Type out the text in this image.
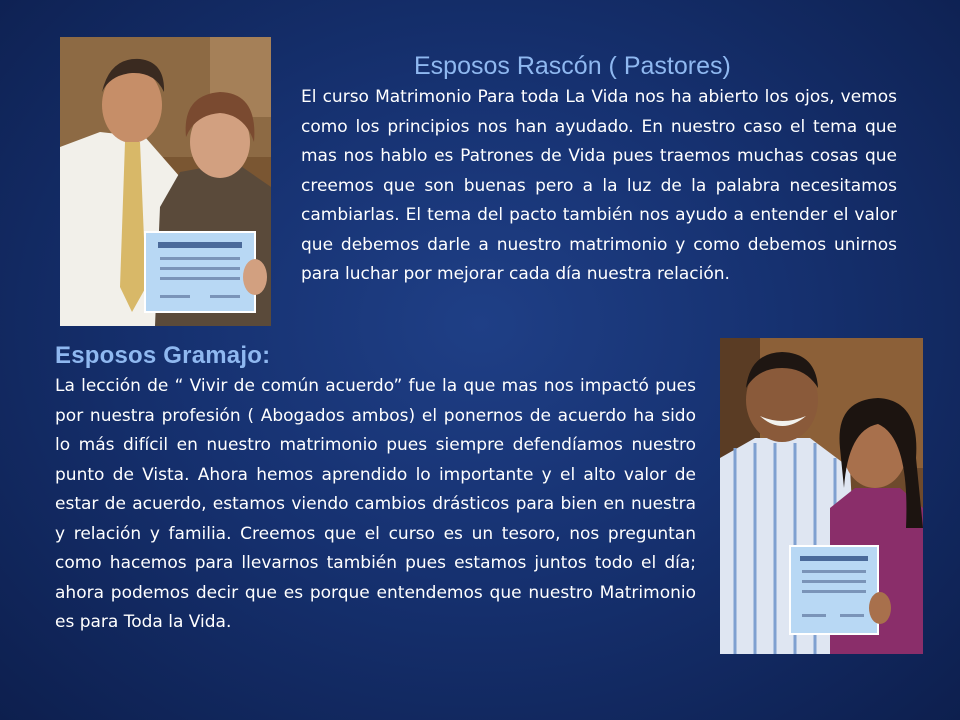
Esposos Rascón ( Pastores)

El curso Matrimonio Para toda La Vida nos ha abierto los ojos, vemos como los principios nos han ayudado. En nuestro caso el tema que mas nos hablo es Patrones de Vida pues traemos muchas cosas que creemos que son buenas pero a la luz de la palabra necesitamos cambiarlas. El tema del pacto también nos ayudo a entender el valor que debemos darle a nuestro matrimonio y como debemos unirnos para luchar por mejorar cada día nuestra relación.

Esposos Gramajo:

La lección de “ Vivir de común acuerdo” fue la que mas nos impactó pues por nuestra profesión ( Abogados ambos) el ponernos de acuerdo ha sido lo más difícil en nuestro matrimonio pues siempre defendíamos nuestro punto de Vista. Ahora hemos aprendido lo importante y el alto valor de estar de acuerdo, estamos viendo cambios drásticos para bien en nuestra y relación y familia. Creemos que el curso es un tesoro, nos preguntan como hacemos para llevarnos también pues estamos juntos todo el día; ahora podemos decir que es porque entendemos que nuestro Matrimonio es para Toda la Vida.
